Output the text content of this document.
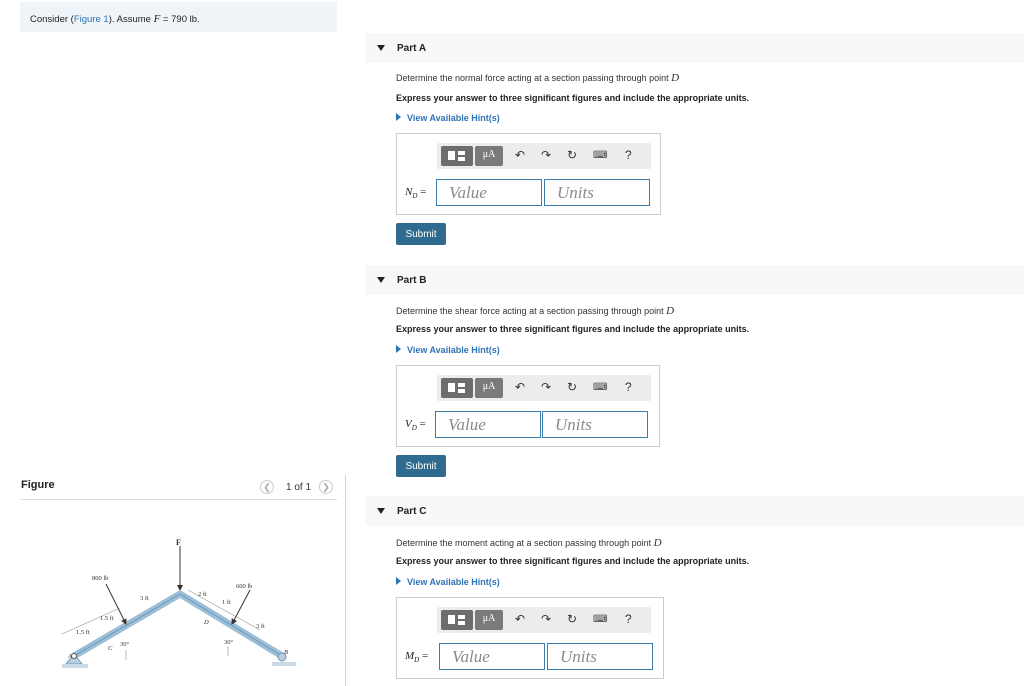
Consider (Figure 1). Assume F = 790 lb.
Figure	❮	1 of 1	❯
F
800 lb
600 lb
3 ft
2 ft
1 ft
3 ft
1.5 ft
1.5 ft
30°	30°
A
B
C
D
Part A
Determine the normal force acting at a section passing through point D
Express your answer to three significant figures and include the appropriate units.
View Available Hint(s)
μA	↶ ↷ ↻ ⌨ ?
$N_D$ =	Value	Units
Submit
Part B
Determine the shear force acting at a section passing through point D
Express your answer to three significant figures and include the appropriate units.
View Available Hint(s)
μA	↶ ↷ ↻ ⌨ ?
$V_D$ =	Value	Units
Submit
Part C
Determine the moment acting at a section passing through point D
Express your answer to three significant figures and include the appropriate units.
View Available Hint(s)
μA	↶ ↷ ↻ ⌨ ?
$M_D$ =	Value	Units
